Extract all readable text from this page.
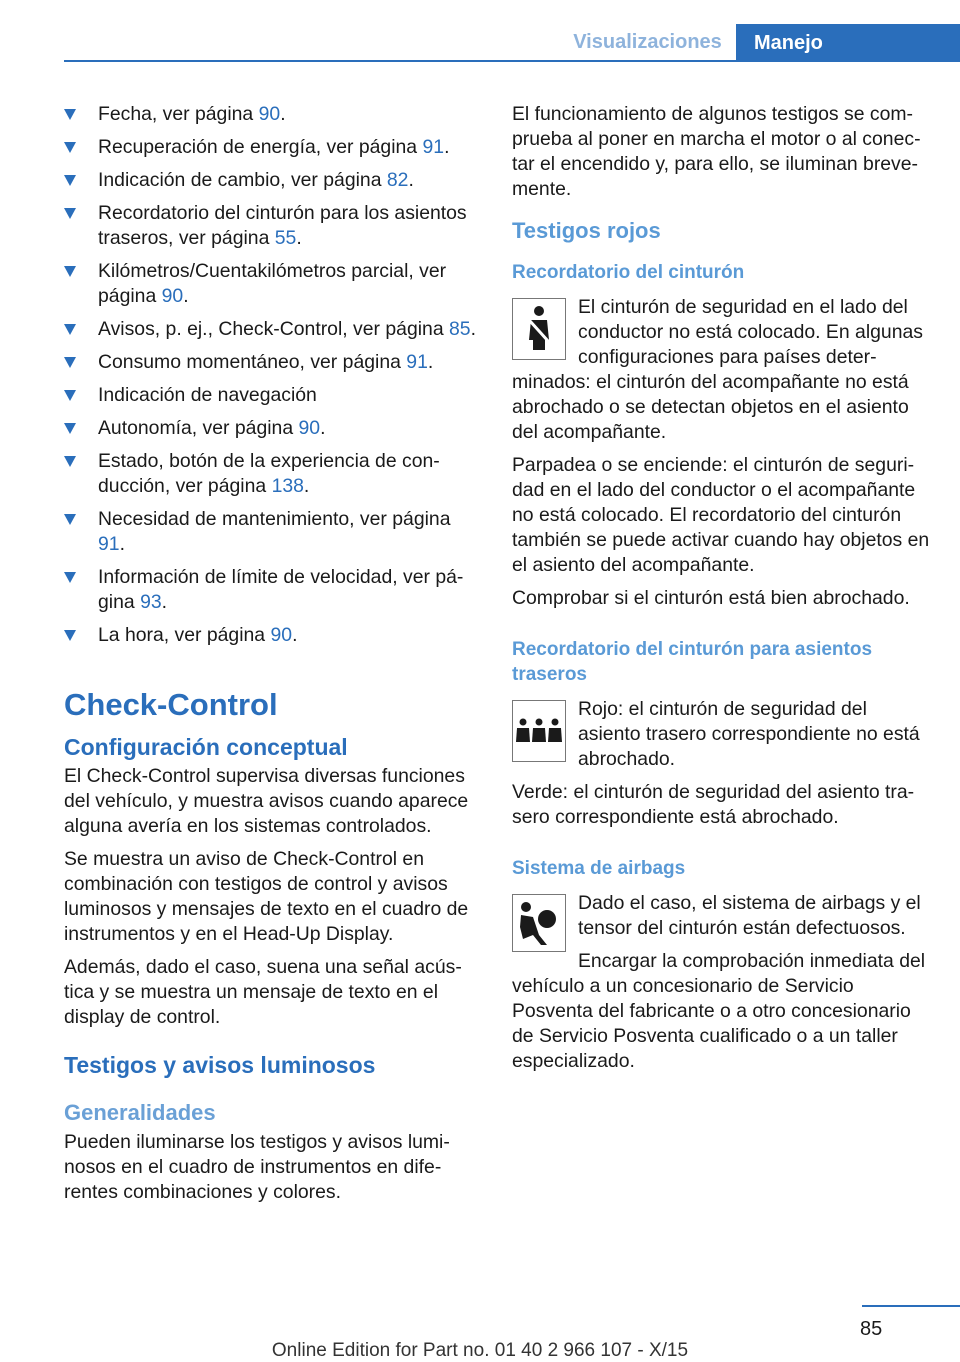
Visualizaciones	Manejo
Fecha, ver página 90.
Recuperación de energía, ver página 91.
Indicación de cambio, ver página 82.
Recordatorio del cinturón para los asientos traseros, ver página 55.
Kilómetros/Cuentakilómetros parcial, ver página 90.
Avisos, p. ej., Check-Control, ver página 85.
Consumo momentáneo, ver página 91.
Indicación de navegación
Autonomía, ver página 90.
Estado, botón de la experiencia de conducción, ver página 138.
Necesidad de mantenimiento, ver página 91.
Información de límite de velocidad, ver página 93.
La hora, ver página 90.
Check-Control
Configuración conceptual

El Check-Control supervisa diversas funciones del vehículo, y muestra avisos cuando aparece alguna avería en los sistemas controlados.

Se muestra un aviso de Check-Control en combinación con testigos de control y avisos luminosos y mensajes de texto en el cuadro de instrumentos y en el Head-Up Display.

Además, dado el caso, suena una señal acústica y se muestra un mensaje de texto en el display de control.

Testigos y avisos luminosos
Generalidades

Pueden iluminarse los testigos y avisos luminosos en el cuadro de instrumentos en diferentes combinaciones y colores.

El funcionamiento de algunos testigos se comprueba al poner en marcha el motor o al conectar el encendido y, para ello, se iluminan brevemente.

Testigos rojos
Recordatorio del cinturón

El cinturón de seguridad en el lado del conductor no está colocado. En algunas configuraciones para países determinados: el cinturón del acompañante no está abrochado o se detectan objetos en el asiento del acompañante.

Parpadea o se enciende: el cinturón de seguridad en el lado del conductor o el acompañante no está colocado. El recordatorio del cinturón también se puede activar cuando hay objetos en el asiento del acompañante.

Comprobar si el cinturón está bien abrochado.

Recordatorio del cinturón para asientos traseros

Rojo: el cinturón de seguridad del asiento trasero correspondiente no está abrochado.

Verde: el cinturón de seguridad del asiento trasero correspondiente está abrochado.

Sistema de airbags

Dado el caso, el sistema de airbags y el tensor del cinturón están defectuosos.

Encargar la comprobación inmediata del vehículo a un concesionario de Servicio Posventa del fabricante o a otro concesionario de Servicio Posventa cualificado o a un taller especializado.

85
Online Edition for Part no. 01 40 2 966 107 - X/15
